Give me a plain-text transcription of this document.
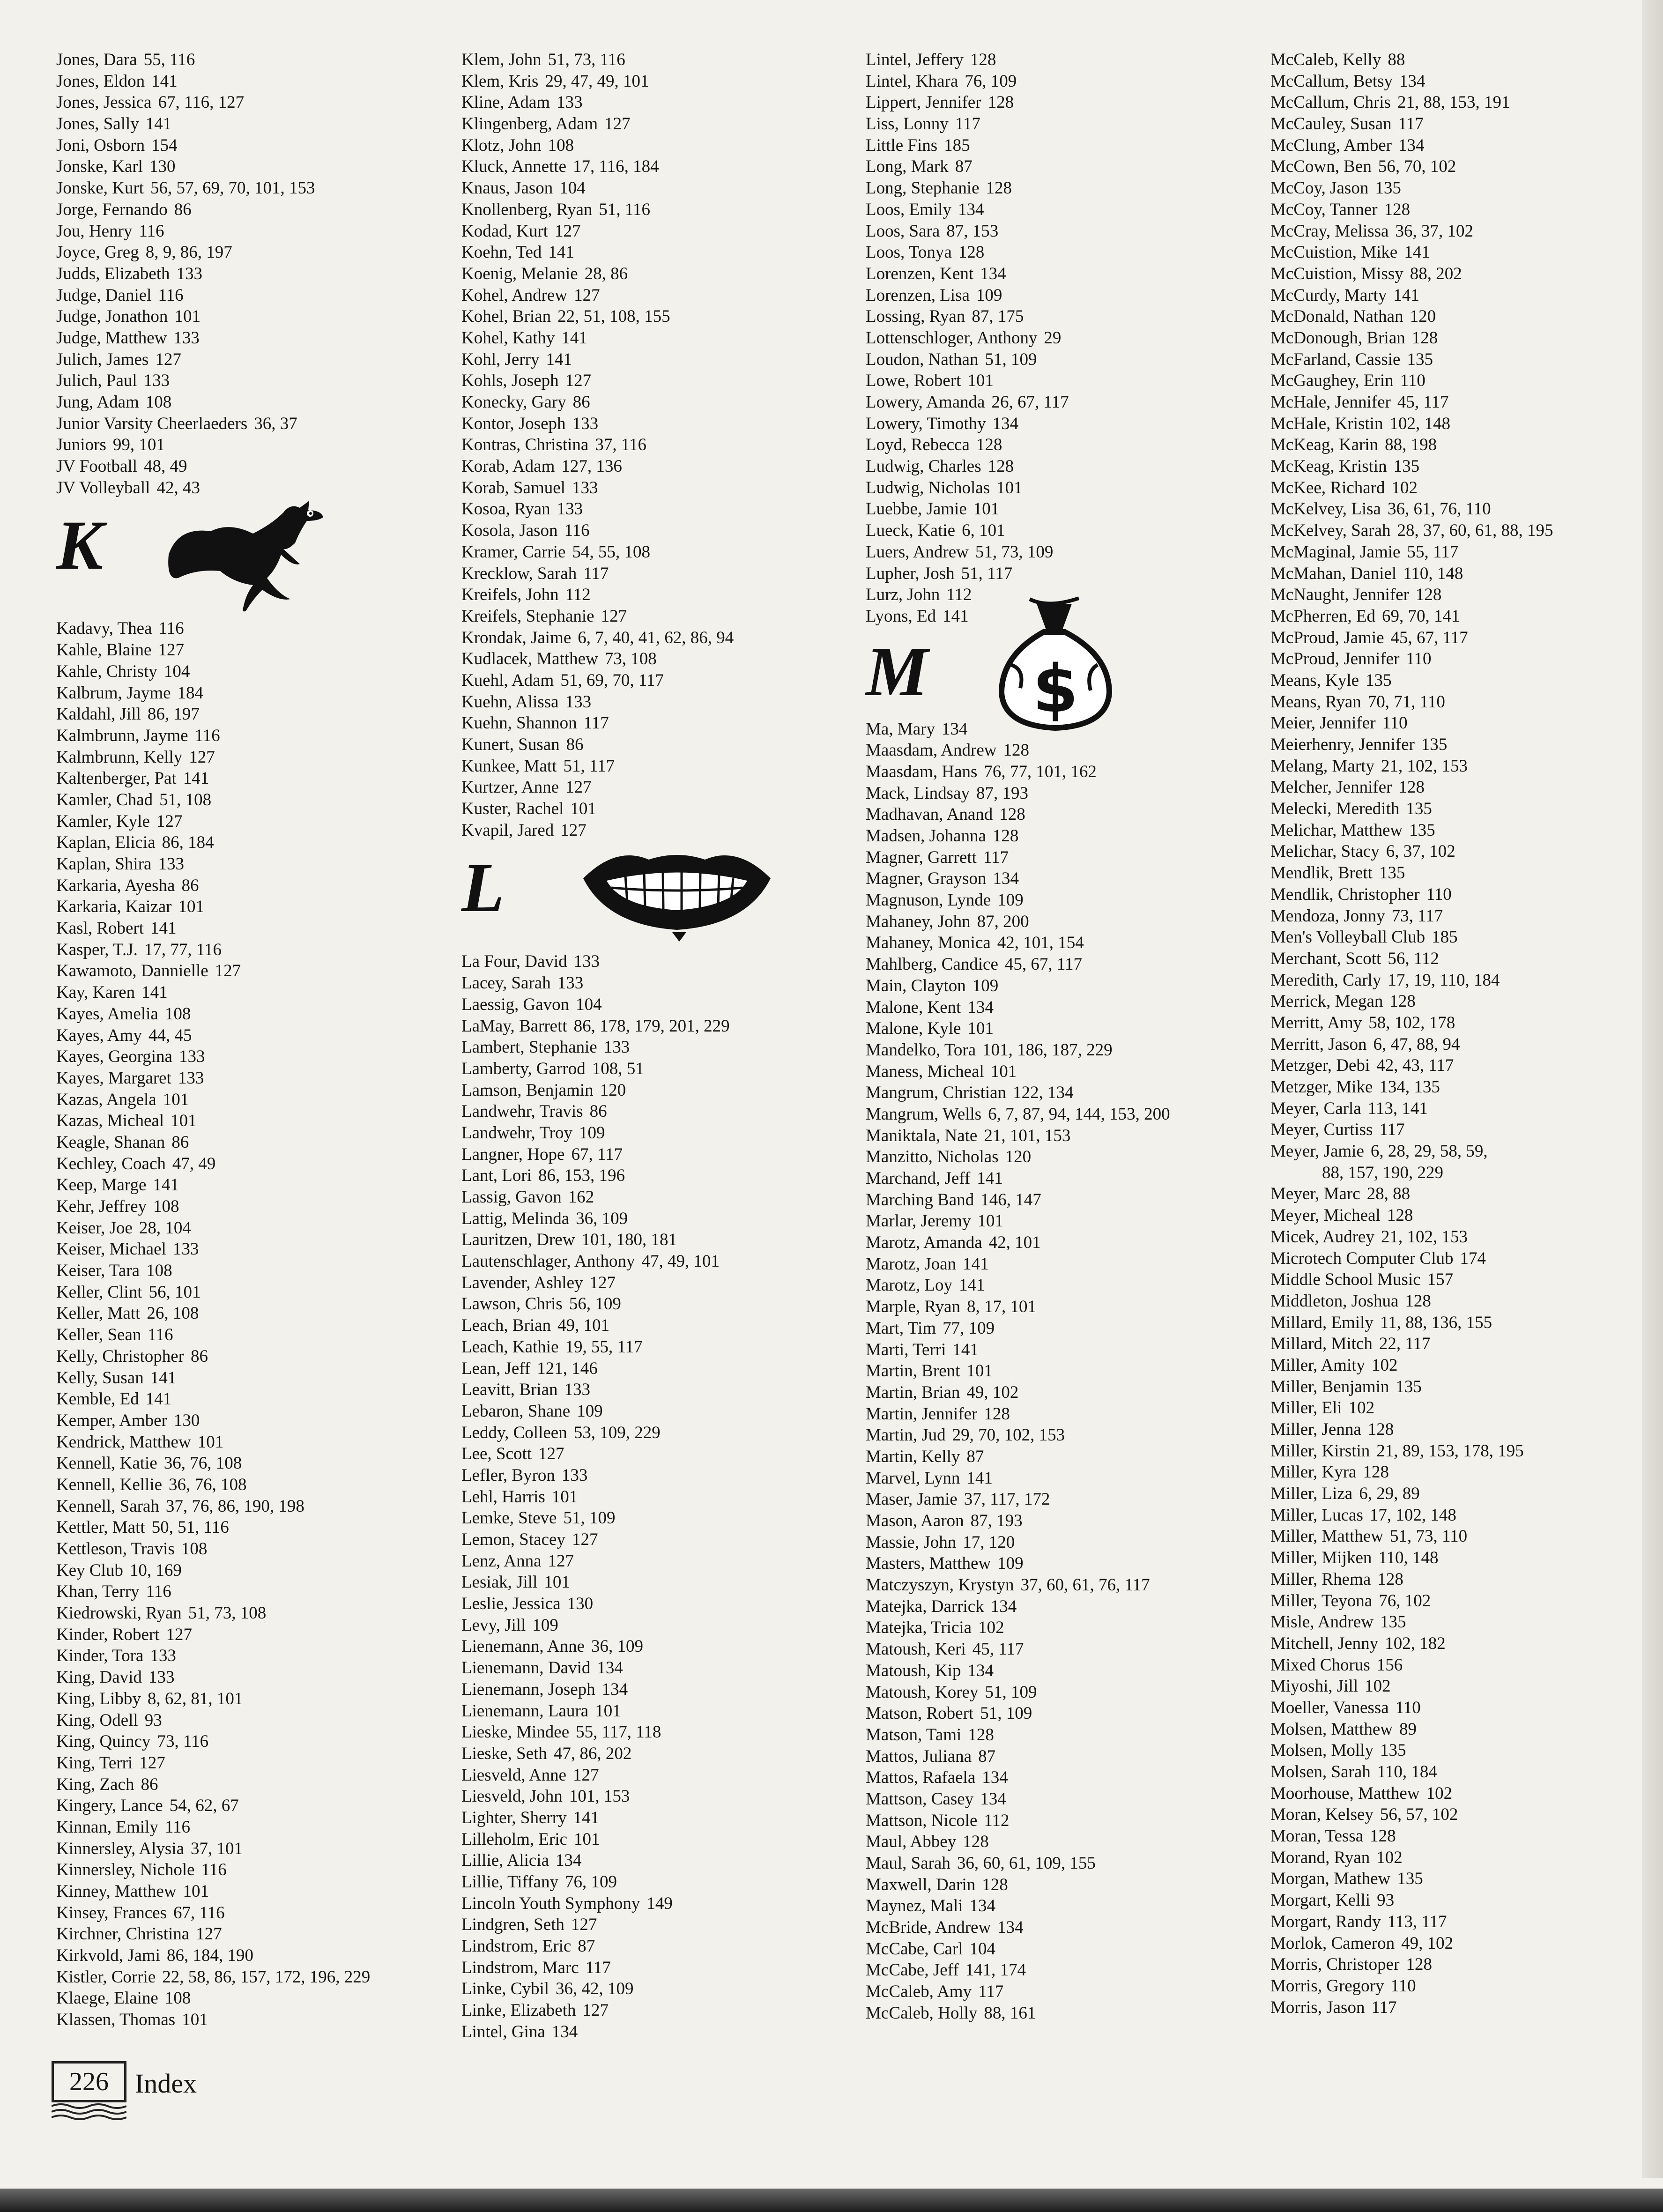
Jones, Dara 55, 116
Jones, Eldon 141
Jones, Jessica 67, 116, 127
Jones, Sally 141
Joni, Osborn 154
Jonske, Karl 130
Jonske, Kurt 56, 57, 69, 70, 101, 153
Jorge, Fernando 86
Jou, Henry 116
Joyce, Greg 8, 9, 86, 197
Judds, Elizabeth 133
Judge, Daniel 116
Judge, Jonathon 101
Judge, Matthew 133
Julich, James 127
Julich, Paul 133
Jung, Adam 108
Junior Varsity Cheerlaeders 36, 37
Juniors 99, 101
JV Football 48, 49
JV Volleyball 42, 43
K
Kadavy, Thea 116
Kahle, Blaine 127
Kahle, Christy 104
Kalbrum, Jayme 184
Kaldahl, Jill 86, 197
Kalmbrunn, Jayme 116
Kalmbrunn, Kelly 127
Kaltenberger, Pat 141
Kamler, Chad 51, 108
Kamler, Kyle 127
Kaplan, Elicia 86, 184
Kaplan, Shira 133
Karkaria, Ayesha 86
Karkaria, Kaizar 101
Kasl, Robert 141
Kasper, T.J. 17, 77, 116
Kawamoto, Dannielle 127
Kay, Karen 141
Kayes, Amelia 108
Kayes, Amy 44, 45
Kayes, Georgina 133
Kayes, Margaret 133
Kazas, Angela 101
Kazas, Micheal 101
Keagle, Shanan 86
Kechley, Coach 47, 49
Keep, Marge 141
Kehr, Jeffrey 108
Keiser, Joe 28, 104
Keiser, Michael 133
Keiser, Tara 108
Keller, Clint 56, 101
Keller, Matt 26, 108
Keller, Sean 116
Kelly, Christopher 86
Kelly, Susan 141
Kemble, Ed 141
Kemper, Amber 130
Kendrick, Matthew 101
Kennell, Katie 36, 76, 108
Kennell, Kellie 36, 76, 108
Kennell, Sarah 37, 76, 86, 190, 198
Kettler, Matt 50, 51, 116
Kettleson, Travis 108
Key Club 10, 169
Khan, Terry 116
Kiedrowski, Ryan 51, 73, 108
Kinder, Robert 127
Kinder, Tora 133
King, David 133
King, Libby 8, 62, 81, 101
King, Odell 93
King, Quincy 73, 116
King, Terri 127
King, Zach 86
Kingery, Lance 54, 62, 67
Kinnan, Emily 116
Kinnersley, Alysia 37, 101
Kinnersley, Nichole 116
Kinney, Matthew 101
Kinsey, Frances 67, 116
Kirchner, Christina 127
Kirkvold, Jami 86, 184, 190
Kistler, Corrie 22, 58, 86, 157, 172, 196, 229
Klaege, Elaine 108
Klassen, Thomas 101
Klem, John 51, 73, 116
Klem, Kris 29, 47, 49, 101
Kline, Adam 133
Klingenberg, Adam 127
Klotz, John 108
Kluck, Annette 17, 116, 184
Knaus, Jason 104
Knollenberg, Ryan 51, 116
Kodad, Kurt 127
Koehn, Ted 141
Koenig, Melanie 28, 86
Kohel, Andrew 127
Kohel, Brian 22, 51, 108, 155
Kohel, Kathy 141
Kohl, Jerry 141
Kohls, Joseph 127
Konecky, Gary 86
Kontor, Joseph 133
Kontras, Christina 37, 116
Korab, Adam 127, 136
Korab, Samuel 133
Kosoa, Ryan 133
Kosola, Jason 116
Kramer, Carrie 54, 55, 108
Krecklow, Sarah 117
Kreifels, John 112
Kreifels, Stephanie 127
Krondak, Jaime 6, 7, 40, 41, 62, 86, 94
Kudlacek, Matthew 73, 108
Kuehl, Adam 51, 69, 70, 117
Kuehn, Alissa 133
Kuehn, Shannon 117
Kunert, Susan 86
Kunkee, Matt 51, 117
Kurtzer, Anne 127
Kuster, Rachel 101
Kvapil, Jared 127
L
La Four, David 133
Lacey, Sarah 133
Laessig, Gavon 104
LaMay, Barrett 86, 178, 179, 201, 229
Lambert, Stephanie 133
Lamberty, Garrod 108, 51
Lamson, Benjamin 120
Landwehr, Travis 86
Landwehr, Troy 109
Langner, Hope 67, 117
Lant, Lori 86, 153, 196
Lassig, Gavon 162
Lattig, Melinda 36, 109
Lauritzen, Drew 101, 180, 181
Lautenschlager, Anthony 47, 49, 101
Lavender, Ashley 127
Lawson, Chris 56, 109
Leach, Brian 49, 101
Leach, Kathie 19, 55, 117
Lean, Jeff 121, 146
Leavitt, Brian 133
Lebaron, Shane 109
Leddy, Colleen 53, 109, 229
Lee, Scott 127
Lefler, Byron 133
Lehl, Harris 101
Lemke, Steve 51, 109
Lemon, Stacey 127
Lenz, Anna 127
Lesiak, Jill 101
Leslie, Jessica 130
Levy, Jill 109
Lienemann, Anne 36, 109
Lienemann, David 134
Lienemann, Joseph 134
Lienemann, Laura 101
Lieske, Mindee 55, 117, 118
Lieske, Seth 47, 86, 202
Liesveld, Anne 127
Liesveld, John 101, 153
Lighter, Sherry 141
Lilleholm, Eric 101
Lillie, Alicia 134
Lillie, Tiffany 76, 109
Lincoln Youth Symphony 149
Lindgren, Seth 127
Lindstrom, Eric 87
Lindstrom, Marc 117
Linke, Cybil 36, 42, 109
Linke, Elizabeth 127
Lintel, Gina 134
Lintel, Jeffery 128
Lintel, Khara 76, 109
Lippert, Jennifer 128
Liss, Lonny 117
Little Fins 185
Long, Mark 87
Long, Stephanie 128
Loos, Emily 134
Loos, Sara 87, 153
Loos, Tonya 128
Lorenzen, Kent 134
Lorenzen, Lisa 109
Lossing, Ryan 87, 175
Lottenschloger, Anthony 29
Loudon, Nathan 51, 109
Lowe, Robert 101
Lowery, Amanda 26, 67, 117
Lowery, Timothy 134
Loyd, Rebecca 128
Ludwig, Charles 128
Ludwig, Nicholas 101
Luebbe, Jamie 101
Lueck, Katie 6, 101
Luers, Andrew 51, 73, 109
Lupher, Josh 51, 117
Lurz, John 112
Lyons, Ed 141
M $
Ma, Mary 134
Maasdam, Andrew 128
Maasdam, Hans 76, 77, 101, 162
Mack, Lindsay 87, 193
Madhavan, Anand 128
Madsen, Johanna 128
Magner, Garrett 117
Magner, Grayson 134
Magnuson, Lynde 109
Mahaney, John 87, 200
Mahaney, Monica 42, 101, 154
Mahlberg, Candice 45, 67, 117
Main, Clayton 109
Malone, Kent 134
Malone, Kyle 101
Mandelko, Tora 101, 186, 187, 229
Maness, Micheal 101
Mangrum, Christian 122, 134
Mangrum, Wells 6, 7, 87, 94, 144, 153, 200
Maniktala, Nate 21, 101, 153
Manzitto, Nicholas 120
Marchand, Jeff 141
Marching Band 146, 147
Marlar, Jeremy 101
Marotz, Amanda 42, 101
Marotz, Joan 141
Marotz, Loy 141
Marple, Ryan 8, 17, 101
Mart, Tim 77, 109
Marti, Terri 141
Martin, Brent 101
Martin, Brian 49, 102
Martin, Jennifer 128
Martin, Jud 29, 70, 102, 153
Martin, Kelly 87
Marvel, Lynn 141
Maser, Jamie 37, 117, 172
Mason, Aaron 87, 193
Massie, John 17, 120
Masters, Matthew 109
Matczyszyn, Krystyn 37, 60, 61, 76, 117
Matejka, Darrick 134
Matejka, Tricia 102
Matoush, Keri 45, 117
Matoush, Kip 134
Matoush, Korey 51, 109
Matson, Robert 51, 109
Matson, Tami 128
Mattos, Juliana 87
Mattos, Rafaela 134
Mattson, Casey 134
Mattson, Nicole 112
Maul, Abbey 128
Maul, Sarah 36, 60, 61, 109, 155
Maxwell, Darin 128
Maynez, Mali 134
McBride, Andrew 134
McCabe, Carl 104
McCabe, Jeff 141, 174
McCaleb, Amy 117
McCaleb, Holly 88, 161
McCaleb, Kelly 88
McCallum, Betsy 134
McCallum, Chris 21, 88, 153, 191
McCauley, Susan 117
McClung, Amber 134
McCown, Ben 56, 70, 102
McCoy, Jason 135
McCoy, Tanner 128
McCray, Melissa 36, 37, 102
McCuistion, Mike 141
McCuistion, Missy 88, 202
McCurdy, Marty 141
McDonald, Nathan 120
McDonough, Brian 128
McFarland, Cassie 135
McGaughey, Erin 110
McHale, Jennifer 45, 117
McHale, Kristin 102, 148
McKeag, Karin 88, 198
McKeag, Kristin 135
McKee, Richard 102
McKelvey, Lisa 36, 61, 76, 110
McKelvey, Sarah 28, 37, 60, 61, 88, 195
McMaginal, Jamie 55, 117
McMahan, Daniel 110, 148
McNaught, Jennifer 128
McPherren, Ed 69, 70, 141
McProud, Jamie 45, 67, 117
McProud, Jennifer 110
Means, Kyle 135
Means, Ryan 70, 71, 110
Meier, Jennifer 110
Meierhenry, Jennifer 135
Melang, Marty 21, 102, 153
Melcher, Jennifer 128
Melecki, Meredith 135
Melichar, Matthew 135
Melichar, Stacy 6, 37, 102
Mendlik, Brett 135
Mendlik, Christopher 110
Mendoza, Jonny 73, 117
Men's Volleyball Club 185
Merchant, Scott 56, 112
Meredith, Carly 17, 19, 110, 184
Merrick, Megan 128
Merritt, Amy 58, 102, 178
Merritt, Jason 6, 47, 88, 94
Metzger, Debi 42, 43, 117
Metzger, Mike 134, 135
Meyer, Carla 113, 141
Meyer, Curtiss 117
Meyer, Jamie 6, 28, 29, 58, 59,
88, 157, 190, 229
Meyer, Marc 28, 88
Meyer, Micheal 128
Micek, Audrey 21, 102, 153
Microtech Computer Club 174
Middle School Music 157
Middleton, Joshua 128
Millard, Emily 11, 88, 136, 155
Millard, Mitch 22, 117
Miller, Amity 102
Miller, Benjamin 135
Miller, Eli 102
Miller, Jenna 128
Miller, Kirstin 21, 89, 153, 178, 195
Miller, Kyra 128
Miller, Liza 6, 29, 89
Miller, Lucas 17, 102, 148
Miller, Matthew 51, 73, 110
Miller, Mijken 110, 148
Miller, Rhema 128
Miller, Teyona 76, 102
Misle, Andrew 135
Mitchell, Jenny 102, 182
Mixed Chorus 156
Miyoshi, Jill 102
Moeller, Vanessa 110
Molsen, Matthew 89
Molsen, Molly 135
Molsen, Sarah 110, 184
Moorhouse, Matthew 102
Moran, Kelsey 56, 57, 102
Moran, Tessa 128
Morand, Ryan 102
Morgan, Mathew 135
Morgart, Kelli 93
Morgart, Randy 113, 117
Morlok, Cameron 49, 102
Morris, Christoper 128
Morris, Gregory 110
Morris, Jason 117
226 Index
